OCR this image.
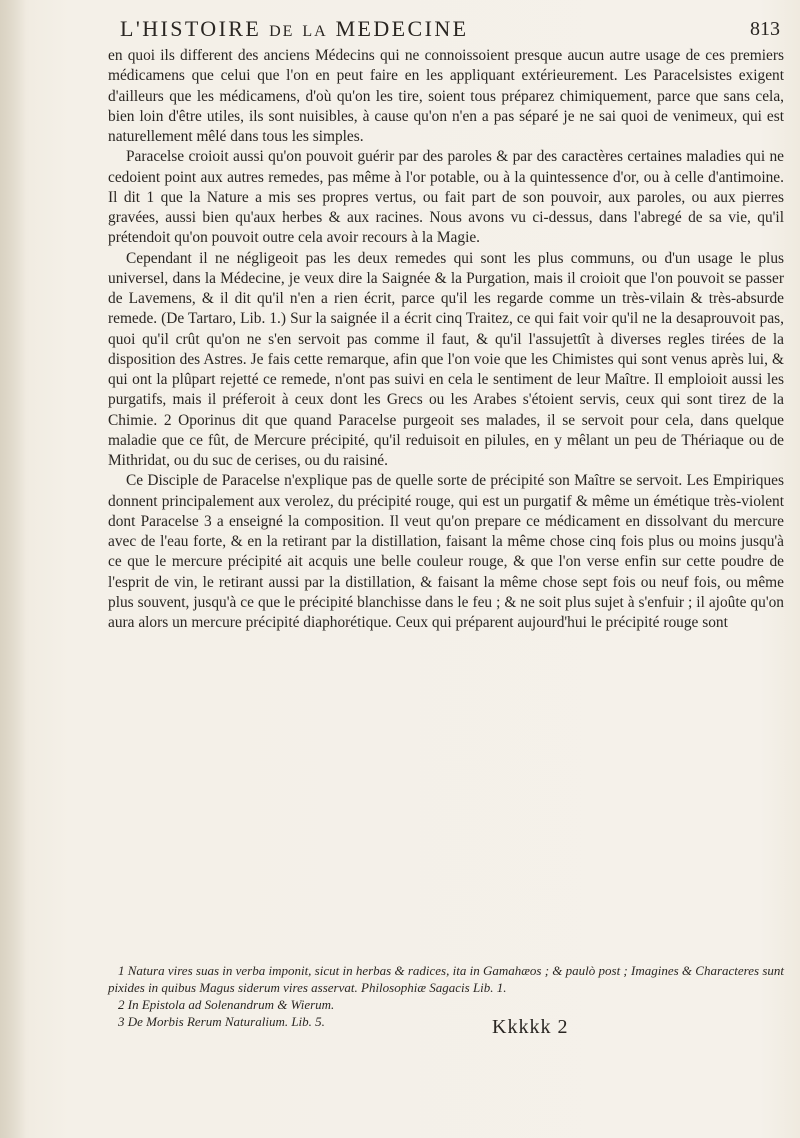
L'HISTOIRE DE LA MEDECINE	813

en quoi ils different des anciens Médecins qui ne connoissoient presque aucun autre usage de ces premiers médicamens que celui que l'on en peut faire en les appliquant extérieurement. Les Paracelsistes exigent d'ailleurs que les médicamens, d'où qu'on les tire, soient tous préparez chimiquement, parce que sans cela, bien loin d'être utiles, ils sont nuisibles, à cause qu'on n'en a pas séparé je ne sai quoi de venimeux, qui est naturellement mêlé dans tous les simples.

Paracelse croioit aussi qu'on pouvoit guérir par des paroles & par des caractères certaines maladies qui ne cedoient point aux autres remedes, pas même à l'or potable, ou à la quintessence d'or, ou à celle d'antimoine. Il dit 1 que la Nature a mis ses propres vertus, ou fait part de son pouvoir, aux paroles, ou aux pierres gravées, aussi bien qu'aux herbes & aux racines. Nous avons vu ci-dessus, dans l'abregé de sa vie, qu'il prétendoit qu'on pouvoit outre cela avoir recours à la Magie.

Cependant il ne négligeoit pas les deux remedes qui sont les plus communs, ou d'un usage le plus universel, dans la Médecine, je veux dire la Saignée & la Purgation, mais il croioit que l'on pouvoit se passer de Lavemens, & il dit qu'il n'en a rien écrit, parce qu'il les regarde comme un très-vilain & très-absurde remede. (De Tartaro, Lib. 1.) Sur la saignée il a écrit cinq Traitez, ce qui fait voir qu'il ne la desaprouvoit pas, quoi qu'il crût qu'on ne s'en servoit pas comme il faut, & qu'il l'assujettît à diverses regles tirées de la disposition des Astres. Je fais cette remarque, afin que l'on voie que les Chimistes qui sont venus après lui, & qui ont la plûpart rejetté ce remede, n'ont pas suivi en cela le sentiment de leur Maître. Il emploioit aussi les purgatifs, mais il préferoit à ceux dont les Grecs ou les Arabes s'étoient servis, ceux qui sont tirez de la Chimie. 2 Oporinus dit que quand Paracelse purgeoit ses malades, il se servoit pour cela, dans quelque maladie que ce fût, de Mercure précipité, qu'il reduisoit en pilules, en y mêlant un peu de Thériaque ou de Mithridat, ou du suc de cerises, ou du raisiné.

Ce Disciple de Paracelse n'explique pas de quelle sorte de précipité son Maître se servoit. Les Empiriques donnent principalement aux verolez, du précipité rouge, qui est un purgatif & même un émétique très-violent dont Paracelse 3 a enseigné la composition. Il veut qu'on prepare ce médicament en dissolvant du mercure avec de l'eau forte, & en la retirant par la distillation, faisant la même chose cinq fois plus ou moins jusqu'à ce que le mercure précipité ait acquis une belle couleur rouge, & que l'on verse enfin sur cette poudre de l'esprit de vin, le retirant aussi par la distillation, & faisant la même chose sept fois ou neuf fois, ou même plus souvent, jusqu'à ce que le précipité blanchisse dans le feu ; & ne soit plus sujet à s'enfuir ; il ajoûte qu'on aura alors un mercure précipité diaphorétique. Ceux qui préparent aujourd'hui le précipité rouge sont

1 Natura vires suas in verba imponit, sicut in herbas & radices, ita in Gamahæos ; & paulò post ; Imagines & Characteres sunt pixides in quibus Magus siderum vires asservat. Philosophiæ Sagacis Lib. 1.

2 In Epistola ad Solenandrum & Wierum.

3 De Morbis Rerum Naturalium. Lib. 5.	Kkkkk 2
